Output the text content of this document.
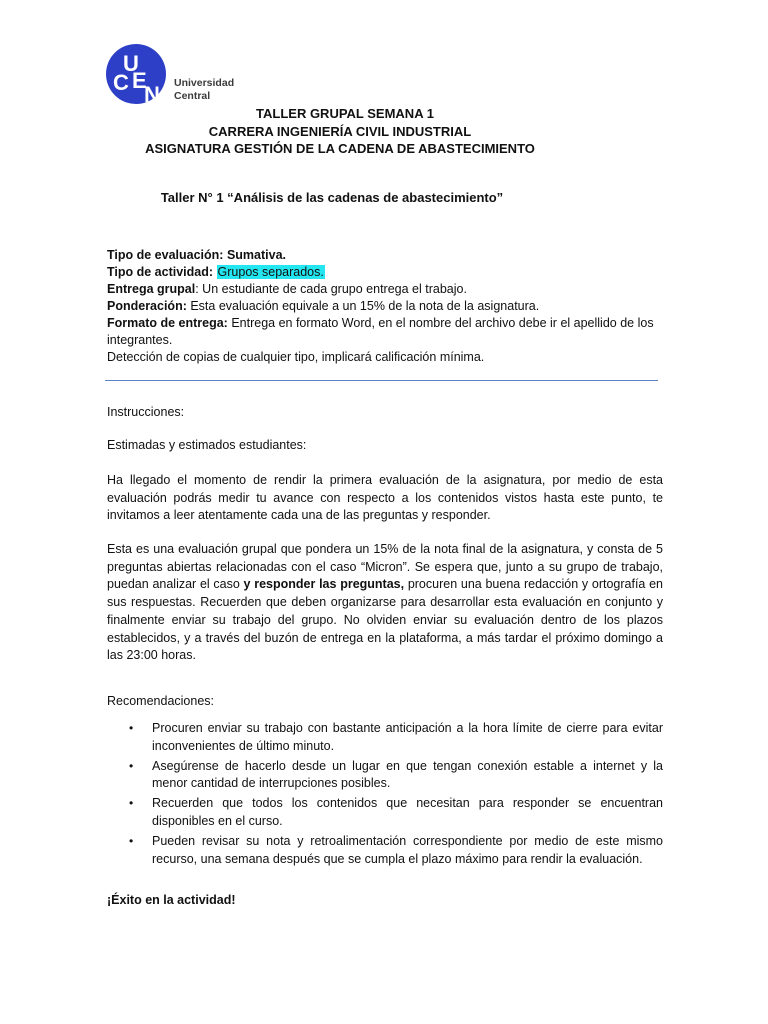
U
C E
N Universidad
Central
TALLER GRUPAL SEMANA 1
CARRERA INGENIERÍA CIVIL INDUSTRIAL
ASIGNATURA GESTIÓN DE LA CADENA DE ABASTECIMIENTO
Taller N° 1 “Análisis de las cadenas de abastecimiento”

Tipo de evaluación: Sumativa.

Tipo de actividad: Grupos separados.

Entrega grupal: Un estudiante de cada grupo entrega el trabajo.

Ponderación: Esta evaluación equivale a un 15% de la nota de la asignatura.

Formato de entrega: Entrega en formato Word, en el nombre del archivo debe ir el apellido de los integrantes.

Detección de copias de cualquier tipo, implicará calificación mínima.

Instrucciones:

Estimadas y estimados estudiantes:

Ha llegado el momento de rendir la primera evaluación de la asignatura, por medio de esta evaluación podrás medir tu avance con respecto a los contenidos vistos hasta este punto, te invitamos a leer atentamente cada una de las preguntas y responder.

Esta es una evaluación grupal que pondera un 15% de la nota final de la asignatura, y consta de 5 preguntas abiertas relacionadas con el caso “Micron”. Se espera que, junto a su grupo de trabajo, puedan analizar el caso y responder las preguntas, procuren una buena redacción y ortografía en sus respuestas. Recuerden que deben organizarse para desarrollar esta evaluación en conjunto y finalmente enviar su trabajo del grupo. No olviden enviar su evaluación dentro de los plazos establecidos, y a través del buzón de entrega en la plataforma, a más tardar el próximo domingo a las 23:00 horas.

Recomendaciones:

• Procuren enviar su trabajo con bastante anticipación a la hora límite de cierre para evitar inconvenientes de último minuto.
• Asegúrense de hacerlo desde un lugar en que tengan conexión estable a internet y la menor cantidad de interrupciones posibles.
• Recuerden que todos los contenidos que necesitan para responder se encuentran disponibles en el curso.
• Pueden revisar su nota y retroalimentación correspondiente por medio de este mismo recurso, una semana después que se cumpla el plazo máximo para rendir la evaluación.
¡Éxito en la actividad!
